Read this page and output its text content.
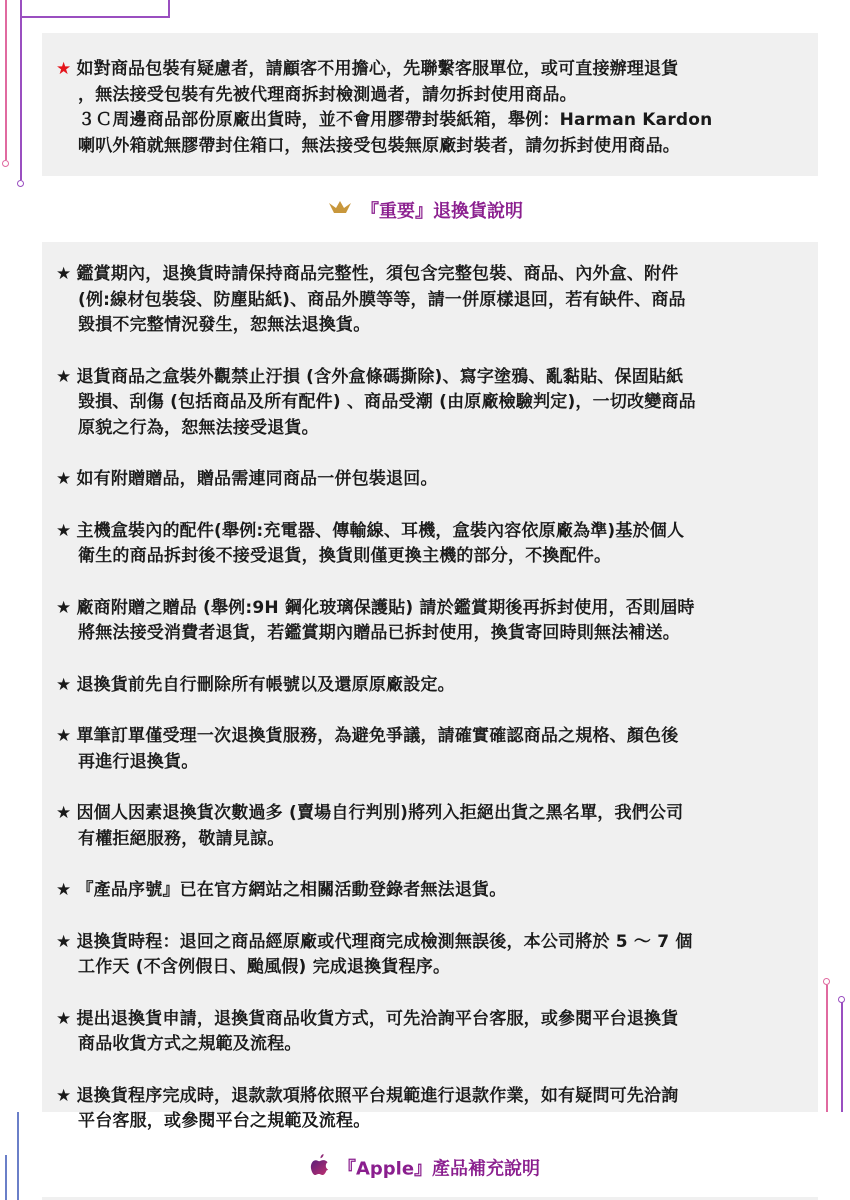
★ 如對商品包裝有疑慮者，請顧客不用擔心，先聯繫客服單位，或可直接辦理退貨
，無法接受包裝有先被代理商拆封檢測過者，請勿拆封使用商品。
３Ｃ周邊商品部份原廠出貨時，並不會用膠帶封裝紙箱，舉例：Harman Kardon
喇叭外箱就無膠帶封住箱口，無法接受包裝無原廠封裝者，請勿拆封使用商品。
『重要』退換貨說明
★ 鑑賞期內，退換貨時請保持商品完整性，須包含完整包裝、商品、內外盒、附件
(例:線材包裝袋、防塵貼紙)、商品外膜等等，請一併原樣退回，若有缺件、商品
毀損不完整情況發生，恕無法退換貨。
★ 退貨商品之盒裝外觀禁止汙損 (含外盒條碼撕除)、寫字塗鴉、亂黏貼、保固貼紙
毀損、刮傷 (包括商品及所有配件) 、商品受潮 (由原廠檢驗判定)，一切改變商品
原貌之行為，恕無法接受退貨。
★ 如有附贈贈品，贈品需連同商品一併包裝退回。
★ 主機盒裝內的配件(舉例:充電器、傳輸線、耳機，盒裝內容依原廠為準)基於個人
衛生的商品拆封後不接受退貨，換貨則僅更換主機的部分，不換配件。
★ 廠商附贈之贈品 (舉例:9H 鋼化玻璃保護貼) 請於鑑賞期後再拆封使用，否則屆時
將無法接受消費者退貨，若鑑賞期內贈品已拆封使用，換貨寄回時則無法補送。
★ 退換貨前先自行刪除所有帳號以及還原原廠設定。
★ 單筆訂單僅受理一次退換貨服務，為避免爭議，請確實確認商品之規格、顏色後
再進行退換貨。
★ 因個人因素退換貨次數過多 (賣場自行判別)將列入拒絕出貨之黑名單，我們公司
有權拒絕服務，敬請見諒。
★ 『產品序號』已在官方網站之相關活動登錄者無法退貨。
★ 退換貨時程：退回之商品經原廠或代理商完成檢測無誤後，本公司將於 5 ～ 7 個
工作天 (不含例假日、颱風假) 完成退換貨程序。
★ 提出退換貨申請，退換貨商品收貨方式，可先洽詢平台客服，或參閱平台退換貨
商品收貨方式之規範及流程。
★ 退換貨程序完成時，退款款項將依照平台規範進行退款作業，如有疑問可先洽詢
平台客服，或參閱平台之規範及流程。
『Apple』產品補充說明
